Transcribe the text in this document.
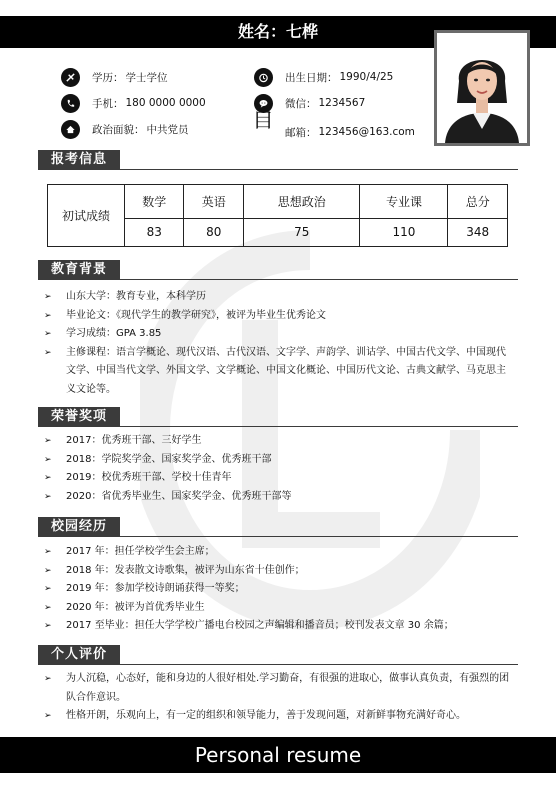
姓名：七桦
学历： 学士学位	出生日期： 1990/4/25
手机： 180 0000 0000	微信： 1234567
政治面貌： 中共党员	自 邮箱： 123456@163.com
报考信息
初试成绩	数学	英语	思想政治	专业课	总分
	83	80	75	110	348
教育背景
➢ 山东大学：教育专业，本科学历
➢ 毕业论文：《现代学生的教学研究》，被评为毕业生优秀论文
➢ 学习成绩：GPA 3.85
➢ 主修课程：语言学概论、现代汉语、古代汉语、文字学、声韵学、训诂学、中国古代文学、中国现代文学、中国当代文学、外国文学、文学概论、中国文化概论、中国历代文论、古典文献学、马克思主义文论等。
荣誉奖项
➢ 2017：优秀班干部、三好学生
➢ 2018：学院奖学金、国家奖学金、优秀班干部
➢ 2019：校优秀班干部、学校十佳青年
➢ 2020：省优秀毕业生、国家奖学金、优秀班干部等
校园经历
➢ 2017 年：担任学校学生会主席；
➢ 2018 年：发表散文诗歌集，被评为山东省十佳创作；
➢ 2019 年：参加学校诗朗诵获得一等奖；
➢ 2020 年：被评为首优秀毕业生
➢ 2017 至毕业：担任大学学校广播电台校园之声编辑和播音员；校刊发表文章 30 余篇；
个人评价
➢ 为人沉稳，心态好，能和身边的人很好相处.学习勤奋，有很强的进取心，做事认真负责，有强烈的团队合作意识。
➢ 性格开朗，乐观向上，有一定的组织和领导能力，善于发现问题，对新鲜事物充满好奇心。
Personal resume
